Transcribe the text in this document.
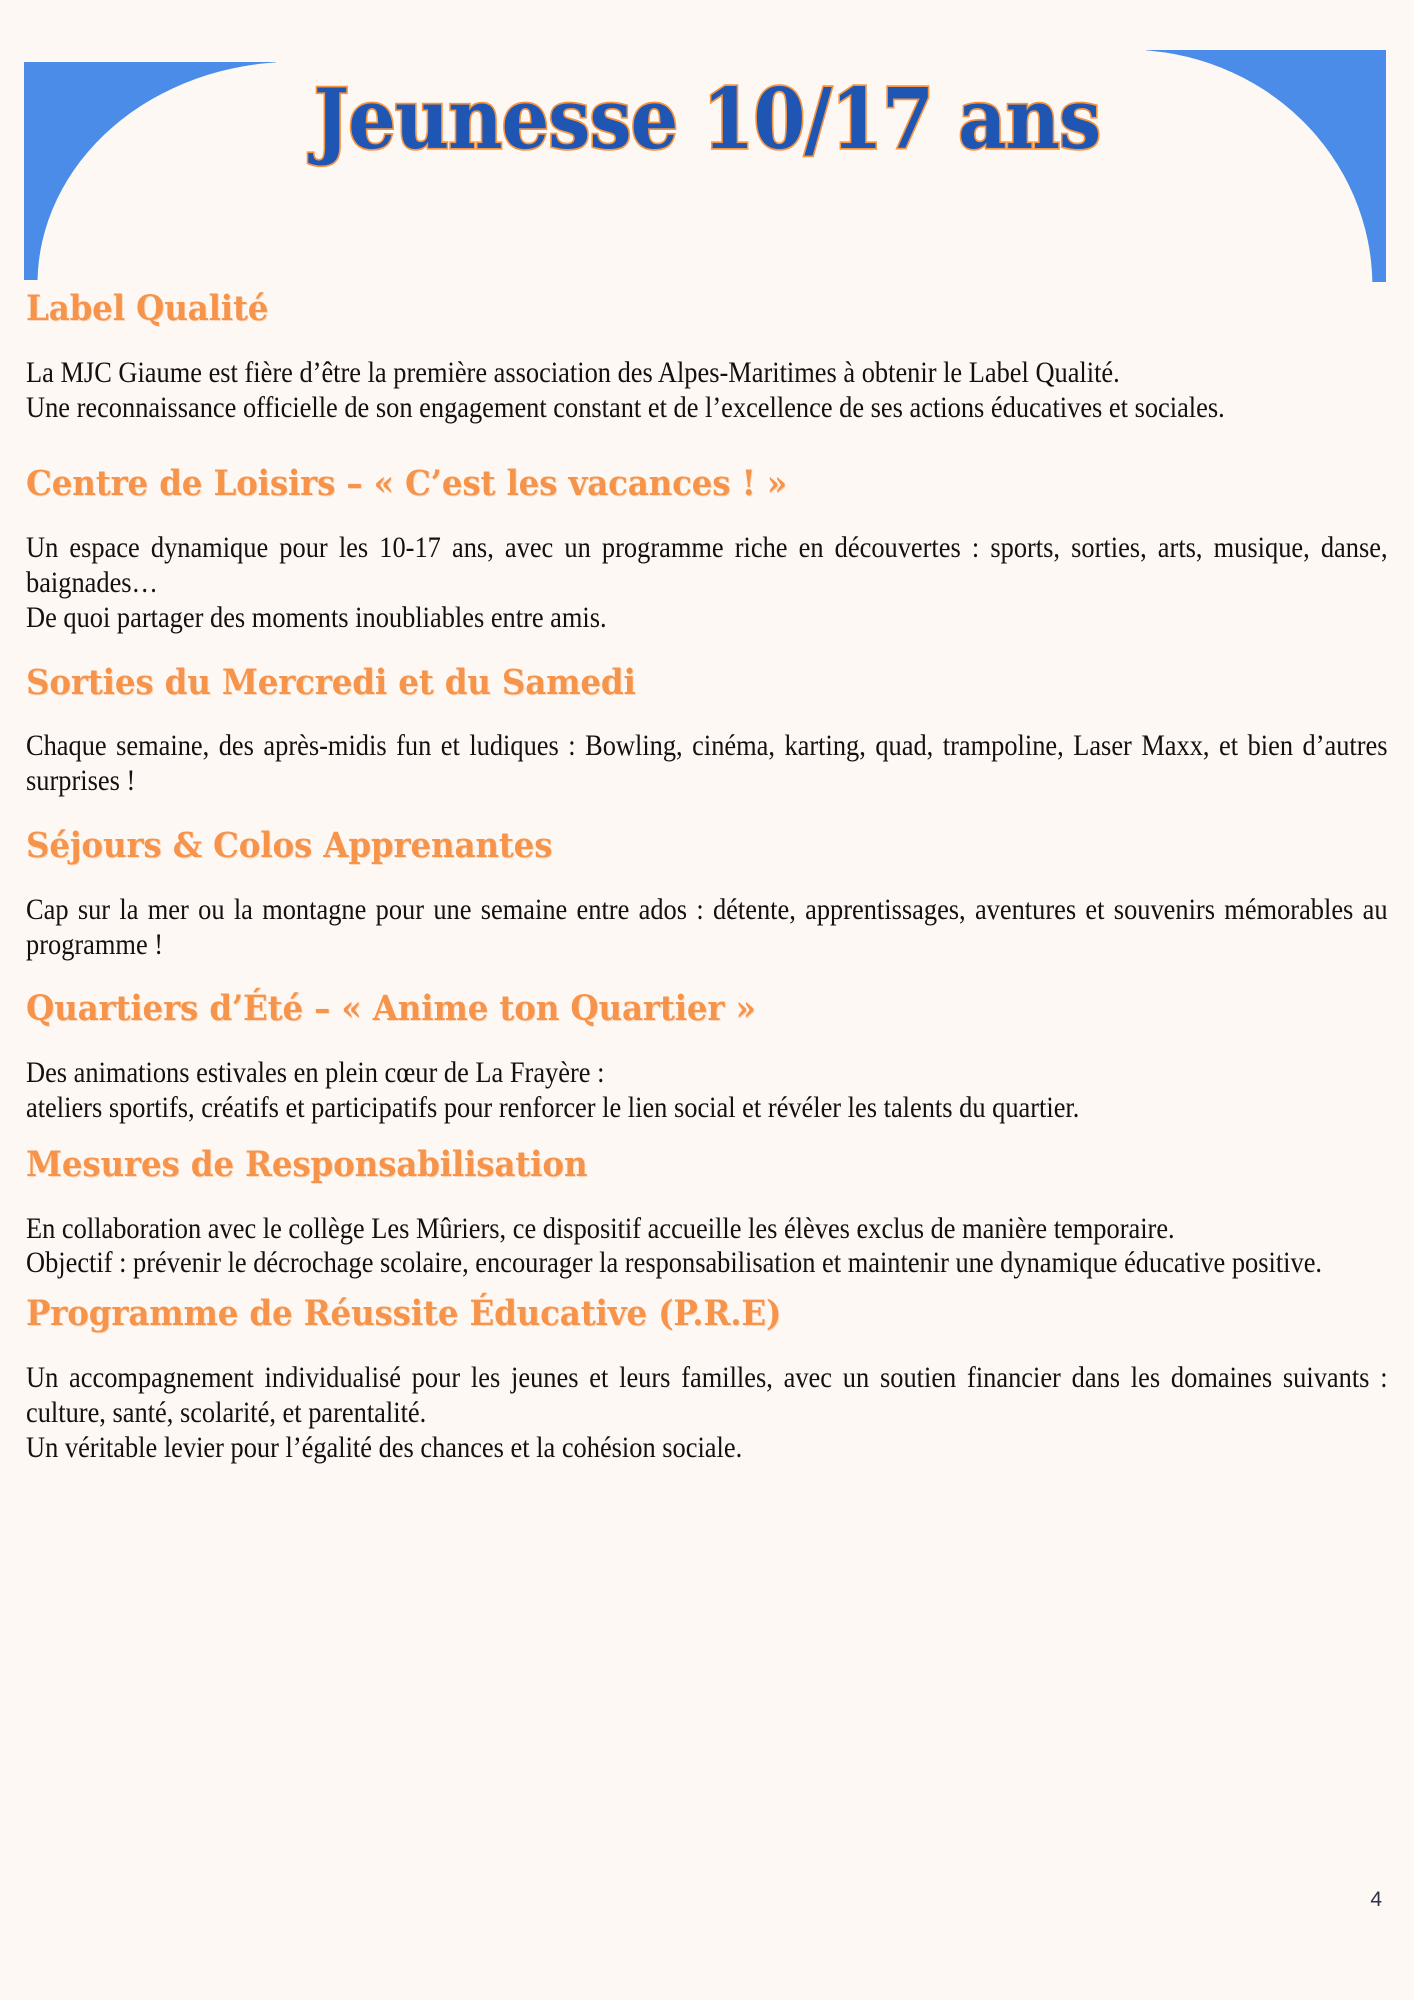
Jeunesse 10/17 ans
Label Qualité

La MJC Giaume est fière d’être la première association des Alpes-Maritimes à obtenir le Label Qualité.

Une reconnaissance officielle de son engagement constant et de l’excellence de ses actions éducatives et sociales.

Centre de Loisirs – « C’est les vacances ! »

Un espace dynamique pour les 10-17 ans, avec un programme riche en découvertes : sports, sorties, arts, musique, danse, baignades…

De quoi partager des moments inoubliables entre amis.

Sorties du Mercredi et du Samedi

Chaque semaine, des après-midis fun et ludiques : Bowling, cinéma, karting, quad, trampoline, Laser Maxx, et bien d’autres surprises !

Séjours & Colos Apprenantes

Cap sur la mer ou la montagne pour une semaine entre ados : détente, apprentissages, aventures et souvenirs mémorables au programme !

Quartiers d’Été – « Anime ton Quartier »

Des animations estivales en plein cœur de La Frayère :

ateliers sportifs, créatifs et participatifs pour renforcer le lien social et révéler les talents du quartier.

Mesures de Responsabilisation

En collaboration avec le collège Les Mûriers, ce dispositif accueille les élèves exclus de manière temporaire.

Objectif : prévenir le décrochage scolaire, encourager la responsabilisation et maintenir une dynamique éducative positive.

Programme de Réussite Éducative (P.R.E)

Un accompagnement individualisé pour les jeunes et leurs familles, avec un soutien financier dans les domaines suivants : culture, santé, scolarité, et parentalité.

Un véritable levier pour l’égalité des chances et la cohésion sociale.

4
